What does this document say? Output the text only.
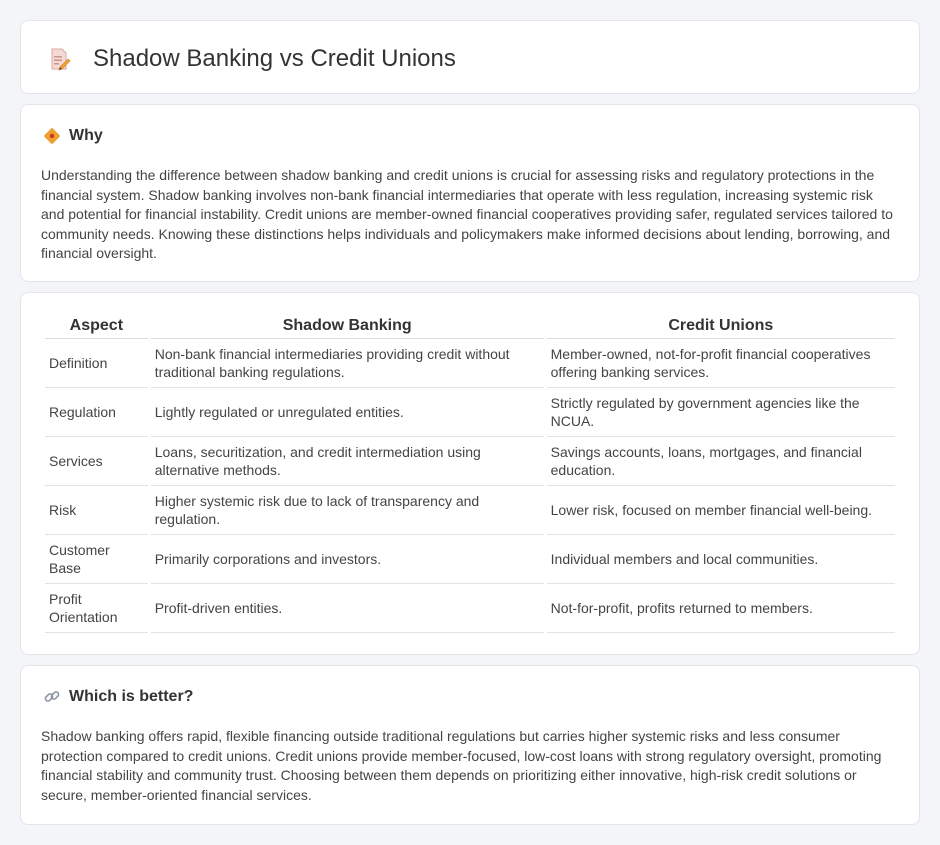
Shadow Banking vs Credit Unions
Why

Understanding the difference between shadow banking and credit unions is crucial for assessing risks and regulatory protections in the financial system. Shadow banking involves non-bank financial intermediaries that operate with less regulation, increasing systemic risk and potential for financial instability. Credit unions are member-owned financial cooperatives providing safer, regulated services tailored to community needs. Knowing these distinctions helps individuals and policymakers make informed decisions about lending, borrowing, and financial oversight.

Aspect	Shadow Banking	Credit Unions
Definition	Non-bank financial intermediaries providing credit without traditional banking regulations.	Member-owned, not-for-profit financial cooperatives offering banking services.
Regulation	Lightly regulated or unregulated entities.	Strictly regulated by government agencies like the NCUA.
Services	Loans, securitization, and credit intermediation using alternative methods.	Savings accounts, loans, mortgages, and financial education.
Risk	Higher systemic risk due to lack of transparency and regulation.	Lower risk, focused on member financial well-being.
Customer Base	Primarily corporations and investors.	Individual members and local communities.
Profit Orientation	Profit-driven entities.	Not-for-profit, profits returned to members.
Which is better?

Shadow banking offers rapid, flexible financing outside traditional regulations but carries higher systemic risks and less consumer protection compared to credit unions. Credit unions provide member-focused, low-cost loans with strong regulatory oversight, promoting financial stability and community trust. Choosing between them depends on prioritizing either innovative, high-risk credit solutions or secure, member-oriented financial services.
